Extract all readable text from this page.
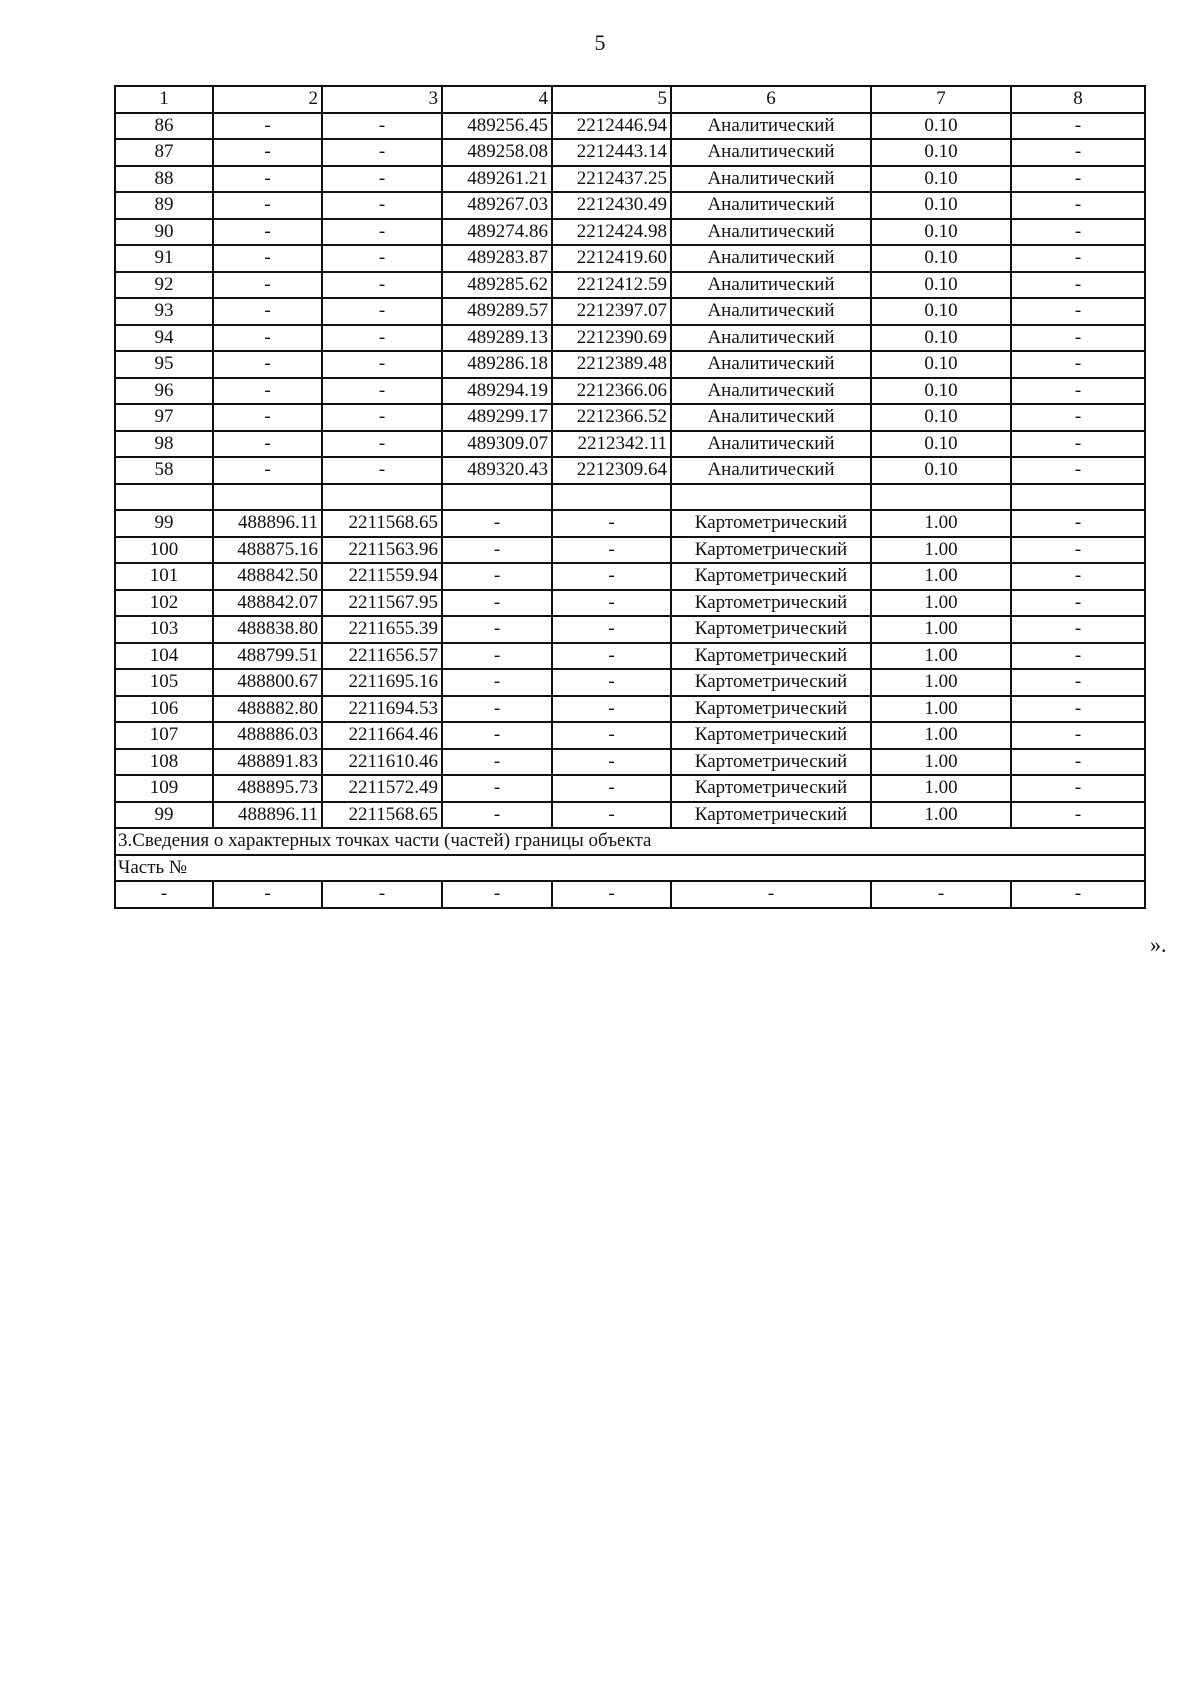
5
1	2	3	4	5	6	7	8
86	-	-	489256.45	2212446.94	Аналитический	0.10	-
87	-	-	489258.08	2212443.14	Аналитический	0.10	-
88	-	-	489261.21	2212437.25	Аналитический	0.10	-
89	-	-	489267.03	2212430.49	Аналитический	0.10	-
90	-	-	489274.86	2212424.98	Аналитический	0.10	-
91	-	-	489283.87	2212419.60	Аналитический	0.10	-
92	-	-	489285.62	2212412.59	Аналитический	0.10	-
93	-	-	489289.57	2212397.07	Аналитический	0.10	-
94	-	-	489289.13	2212390.69	Аналитический	0.10	-
95	-	-	489286.18	2212389.48	Аналитический	0.10	-
96	-	-	489294.19	2212366.06	Аналитический	0.10	-
97	-	-	489299.17	2212366.52	Аналитический	0.10	-
98	-	-	489309.07	2212342.11	Аналитический	0.10	-
58	-	-	489320.43	2212309.64	Аналитический	0.10	-

99	488896.11	2211568.65	-	-	Картометрический	1.00	-
100	488875.16	2211563.96	-	-	Картометрический	1.00	-
101	488842.50	2211559.94	-	-	Картометрический	1.00	-
102	488842.07	2211567.95	-	-	Картометрический	1.00	-
103	488838.80	2211655.39	-	-	Картометрический	1.00	-
104	488799.51	2211656.57	-	-	Картометрический	1.00	-
105	488800.67	2211695.16	-	-	Картометрический	1.00	-
106	488882.80	2211694.53	-	-	Картометрический	1.00	-
107	488886.03	2211664.46	-	-	Картометрический	1.00	-
108	488891.83	2211610.46	-	-	Картометрический	1.00	-
109	488895.73	2211572.49	-	-	Картометрический	1.00	-
99	488896.11	2211568.65	-	-	Картометрический	1.00	-
3.Сведения о характерных точках части (частей) границы объекта							
Часть №							
-	-	-	-	-	-	-	-
».
